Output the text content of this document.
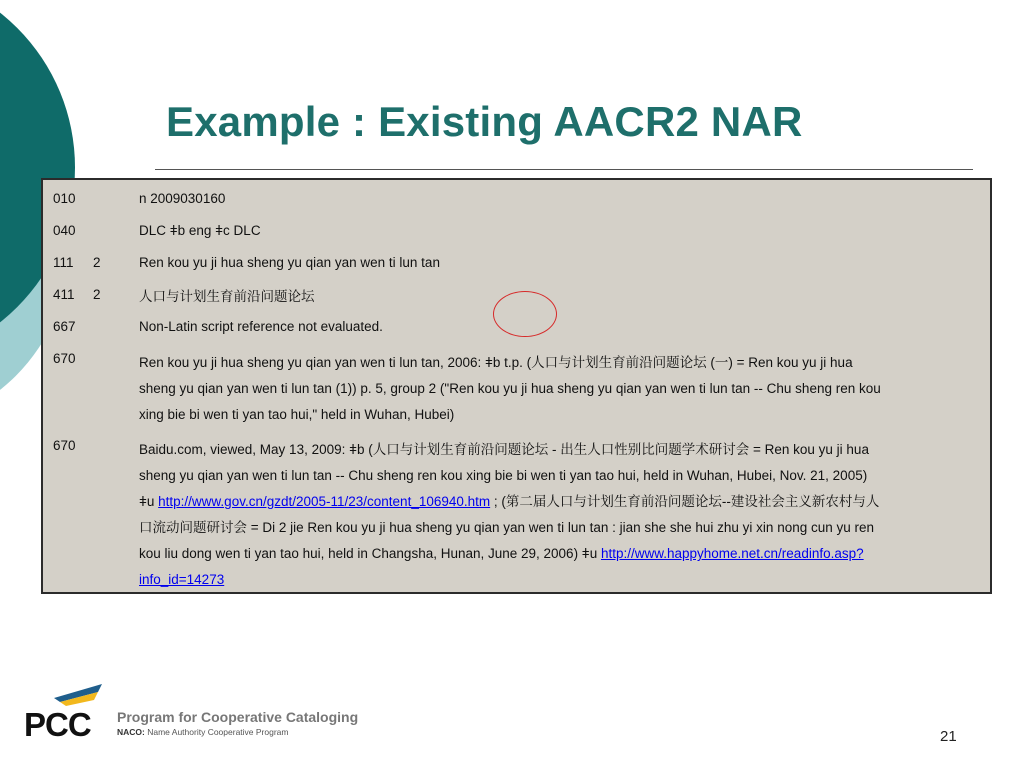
Example : Existing AACR2 NAR
010	n 2009030160
040	DLC ǂb eng ǂc DLC
111 2	Ren kou yu ji hua sheng yu qian yan wen ti lun tan
411 2	人口与计划生育前沿问题论坛
667	Non-Latin script reference not evaluated.
670	Ren kou yu ji hua sheng yu qian yan wen ti lun tan, 2006: ǂb t.p. (人口与计划生育前沿问题论坛 (一) = Ren kou yu ji hua
sheng yu qian yan wen ti lun tan (1)) p. 5, group 2 ("Ren kou yu ji hua sheng yu qian yan wen ti lun tan -- Chu sheng ren kou
xing bie bi wen ti yan tao hui," held in Wuhan, Hubei)
670	Baidu.com, viewed, May 13, 2009: ǂb (人口与计划生育前沿问题论坛 - 出生人口性别比问题学术研讨会 = Ren kou yu ji hua
sheng yu qian yan wen ti lun tan -- Chu sheng ren kou xing bie bi wen ti yan tao hui, held in Wuhan, Hubei, Nov. 21, 2005)
ǂu http://www.gov.cn/gzdt/2005-11/23/content_106940.htm ; (第二届人口与计划生育前沿问题论坛--建设社会主义新农村与人
口流动问题研讨会 = Di 2 jie Ren kou yu ji hua sheng yu qian yan wen ti lun tan : jian she she hui zhu yi xin nong cun yu ren
kou liu dong wen ti yan tao hui, held in Changsha, Hunan, June 29, 2006) ǂu http://www.happyhome.net.cn/readinfo.asp?
info_id=14273

PCC Program for Cooperative Cataloging

NACO: Name Authority Cooperative Program	21
